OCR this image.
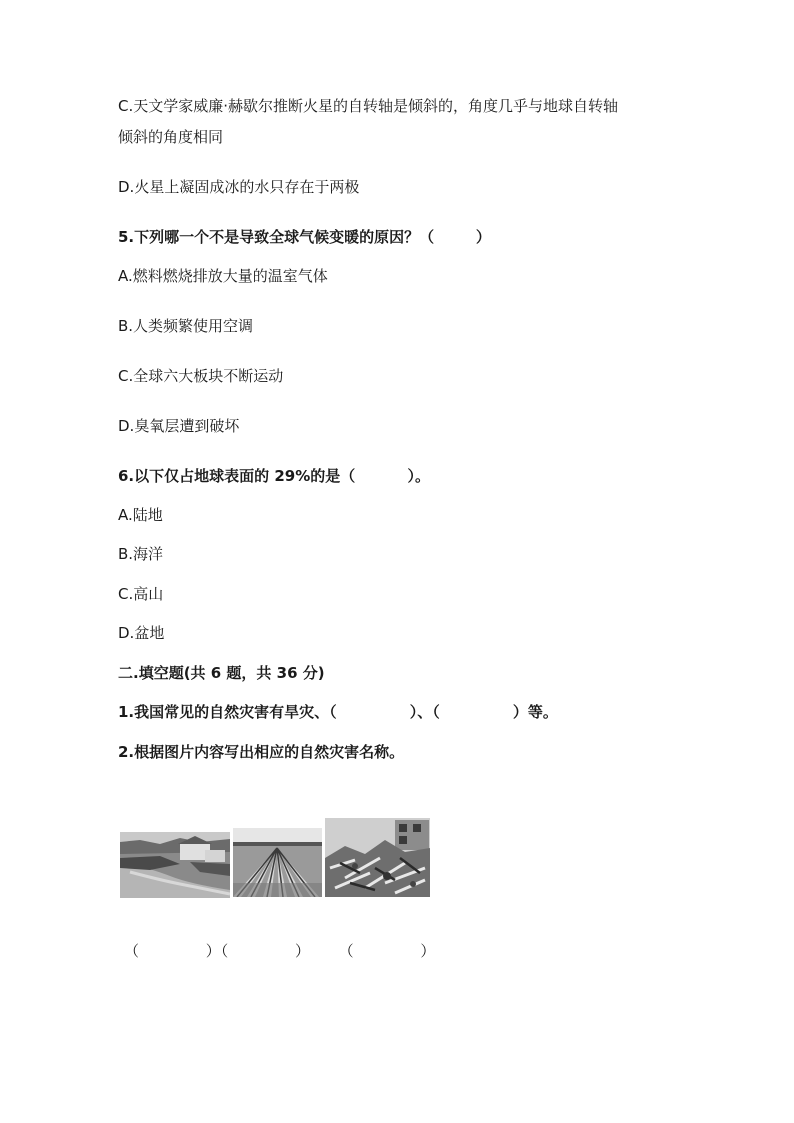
C.天文学家威廉·赫歇尔推断火星的自转轴是倾斜的，角度几乎与地球自转轴
倾斜的角度相同
D.火星上凝固成冰的水只存在于两极
5.下列哪一个不是导致全球气候变暖的原因？（        ）
A.燃料燃烧排放大量的温室气体
B.人类频繁使用空调
C.全球六大板块不断运动
D.臭氧层遭到破坏
6.以下仅占地球表面的 29%的是（          ）。
A.陆地
B.海洋
C.高山
D.盆地
二.填空题(共 6 题，共 36 分)
1.我国常见的自然灾害有旱灾、（              ）、（              ）等。
2.根据图片内容写出相应的自然灾害名称。
（              ）（              ）      （              ）
